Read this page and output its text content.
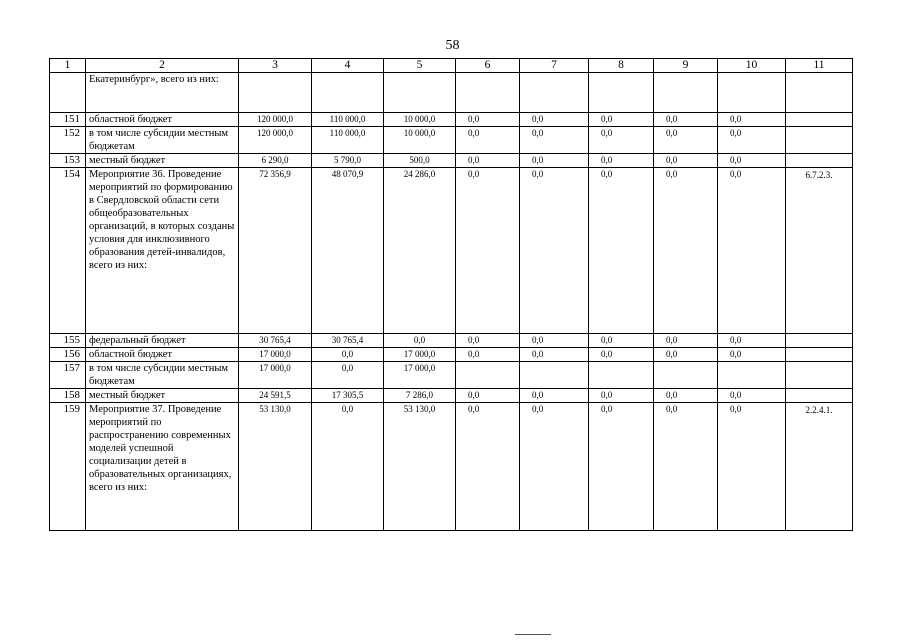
58
1	2	3	4	5	6	7	8	9	10	11
	Екатеринбург», всего из них:									
151	областной бюджет	120 000,0	110 000,0	10 000,0	0,0	0,0	0,0	0,0	0,0	
152	в том числе субсидии местным бюджетам	120 000,0	110 000,0	10 000,0	0,0	0,0	0,0	0,0	0,0	
153	местный бюджет	6 290,0	5 790,0	500,0	0,0	0,0	0,0	0,0	0,0	
154	Мероприятие 36. Проведение мероприятий по формированию в Свердловской области сети общеобразовательных организаций, в которых созданы условия для инклюзивного образования детей-инвалидов, всего из них:	72 356,9	48 070,9	24 286,0	0,0	0,0	0,0	0,0	0,0	6.7.2.3.
155	федеральный бюджет	30 765,4	30 765,4	0,0	0,0	0,0	0,0	0,0	0,0	
156	областной бюджет	17 000,0	0,0	17 000,0	0,0	0,0	0,0	0,0	0,0	
157	в том числе субсидии местным бюджетам	17 000,0	0,0	17 000,0						
158	местный бюджет	24 591,5	17 305,5	7 286,0	0,0	0,0	0,0	0,0	0,0	
159	Мероприятие 37. Проведение мероприятий по распространению современных моделей успешной социализации детей в образовательных организациях, всего из них:	53 130,0	0,0	53 130,0	0,0	0,0	0,0	0,0	0,0	2.2.4.1.
